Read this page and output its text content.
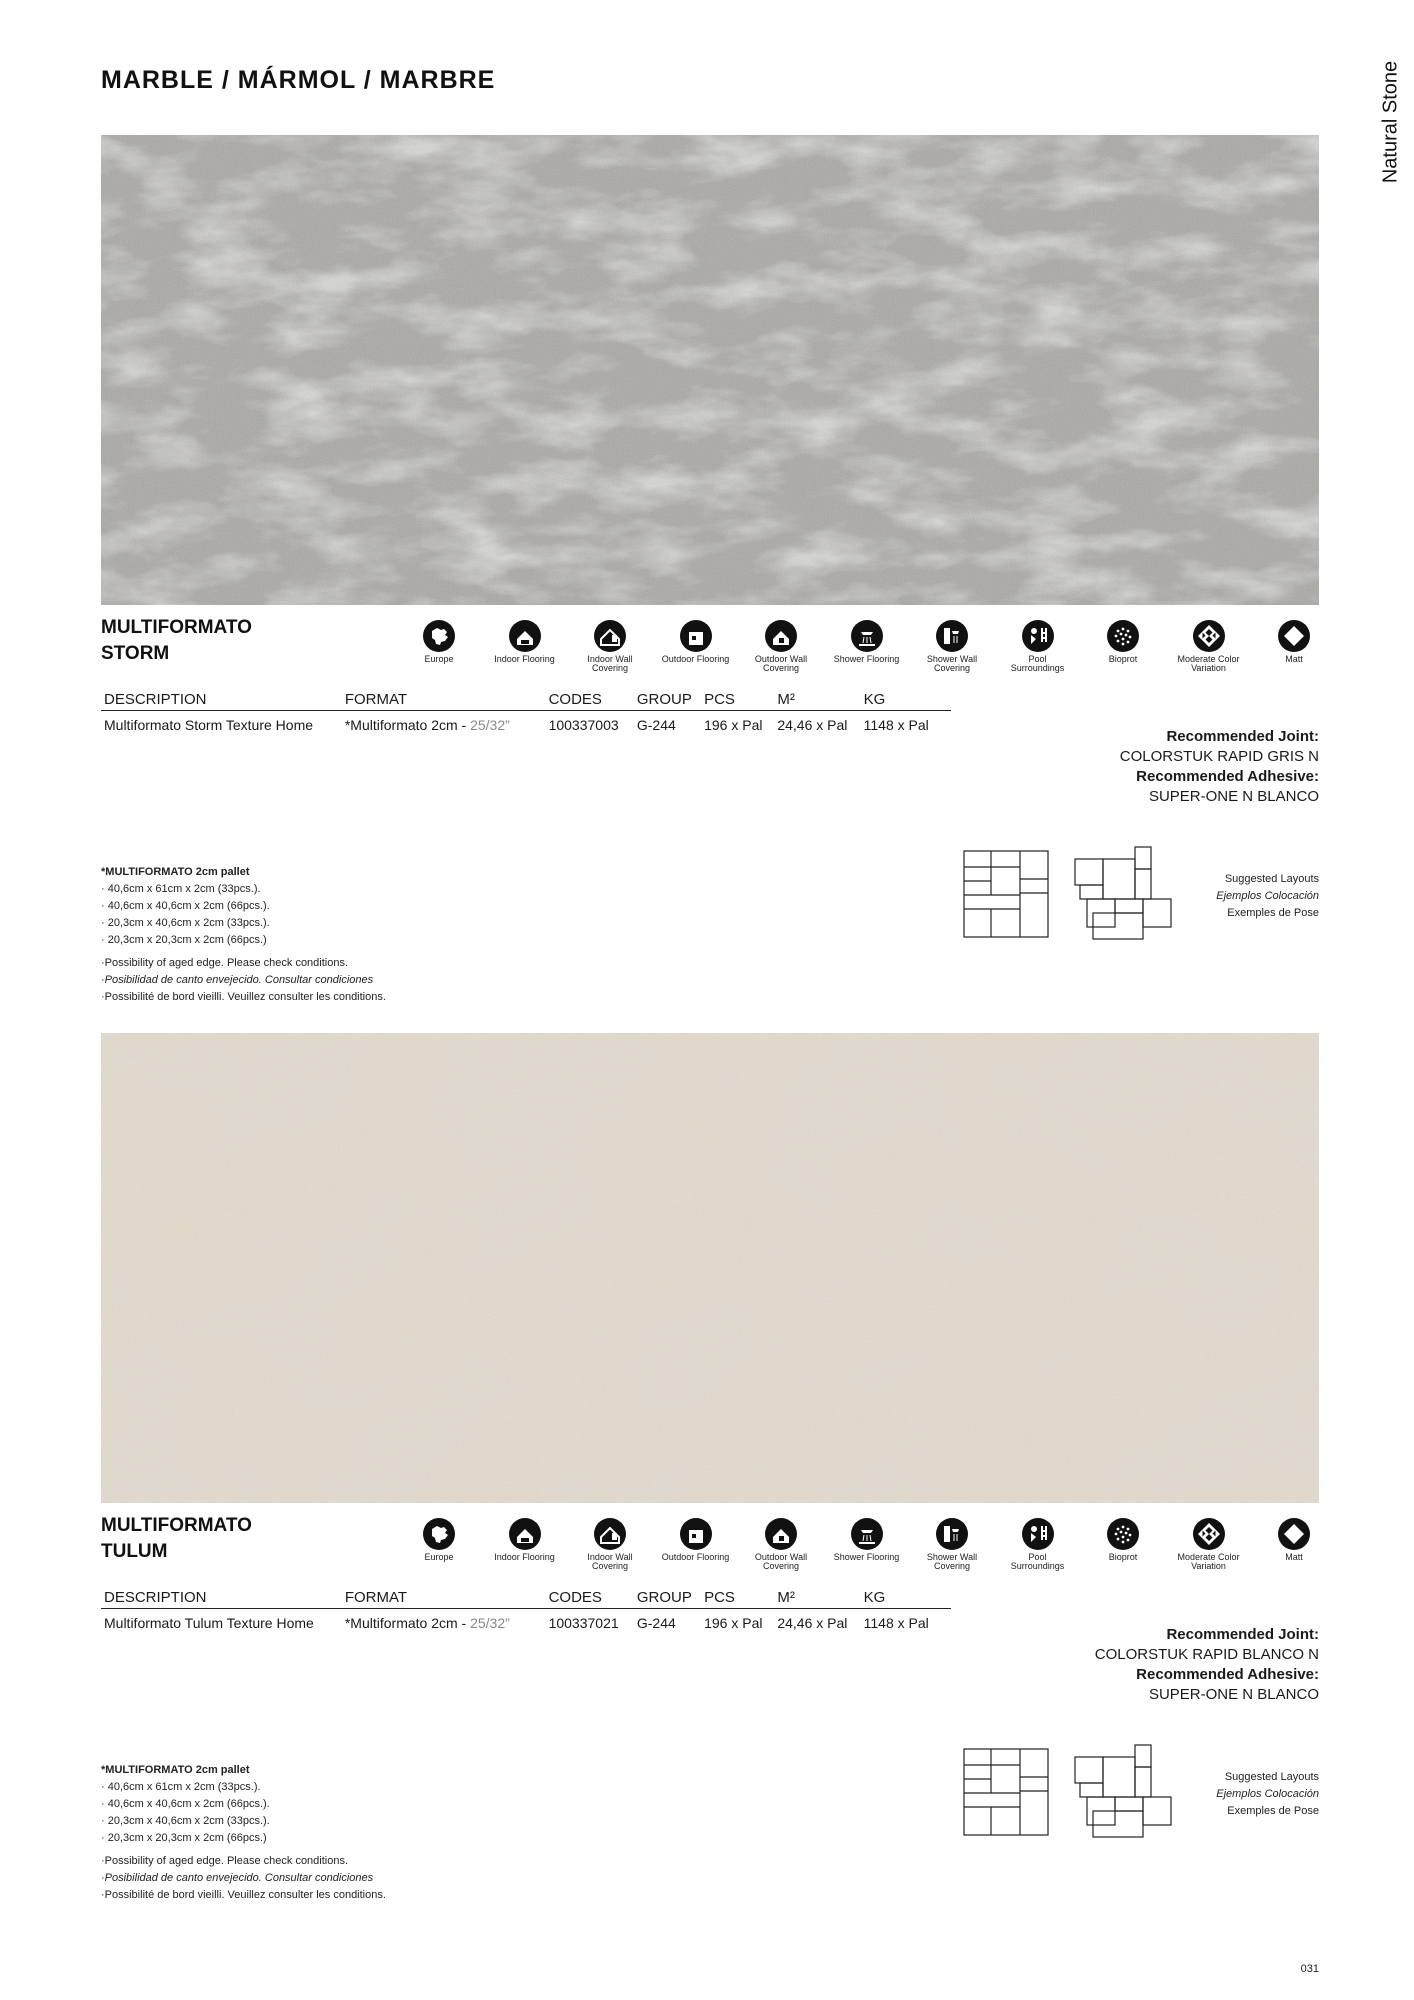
MARBLE / MÁRMOL / MARBRE	Natural Stone
MULTIFORMATO
STORM	Europe	Indoor Flooring	Indoor Wall Covering
Outdoor Flooring	Outdoor Wall Covering
Shower Flooring	Shower Wall Covering
Pool Surroundings
Bioprot	Moderate Color Variation
Matt
DESCRIPTION	FORMAT	CODES	GROUP	PCS	M²	KG
Multiformato Storm Texture Home	*Multiformato 2cm - 25/32”	100337003	G-244	196 x Pal	24,46 x Pal	1148 x Pal
Recommended Joint:
COLORSTUK RAPID GRIS N
Recommended Adhesive:
SUPER-ONE N BLANCO
*MULTIFORMATO 2cm pallet
· 40,6cm x 61cm x 2cm (33pcs.).
· 40,6cm x 40,6cm x 2cm (66pcs.).
· 20,3cm x 40,6cm x 2cm (33pcs.).
· 20,3cm x 20,3cm x 2cm (66pcs.)
·Possibility of aged edge. Please check conditions.
·Posibilidad de canto envejecido. Consultar condiciones
·Possibilité de bord vieilli. Veuillez consulter les conditions.
Suggested Layouts
Ejemplos Colocación
Exemples de Pose
MULTIFORMATO
TULUM	Europe	Indoor Flooring	Indoor Wall Covering
Outdoor Flooring	Outdoor Wall Covering
Shower Flooring	Shower Wall Covering
Pool Surroundings
Bioprot	Moderate Color Variation
Matt
DESCRIPTION	FORMAT	CODES	GROUP	PCS	M²	KG
Multiformato Tulum Texture Home	*Multiformato 2cm - 25/32”	100337021	G-244	196 x Pal	24,46 x Pal	1148 x Pal
Recommended Joint:
COLORSTUK RAPID BLANCO N
Recommended Adhesive:
SUPER-ONE N BLANCO
*MULTIFORMATO 2cm pallet
· 40,6cm x 61cm x 2cm (33pcs.).
· 40,6cm x 40,6cm x 2cm (66pcs.).
· 20,3cm x 40,6cm x 2cm (33pcs.).
· 20,3cm x 20,3cm x 2cm (66pcs.)
·Possibility of aged edge. Please check conditions.
·Posibilidad de canto envejecido. Consultar condiciones
·Possibilité de bord vieilli. Veuillez consulter les conditions.
Suggested Layouts
Ejemplos Colocación
Exemples de Pose
031
